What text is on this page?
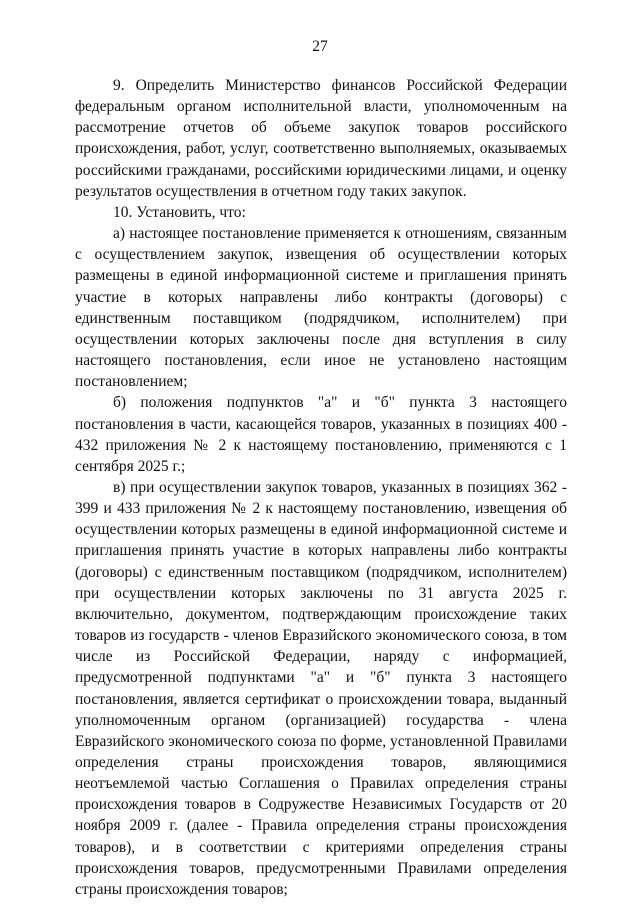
27

9. Определить Министерство финансов Российской Федерации федеральным органом исполнительной власти, уполномоченным на рассмотрение отчетов об объеме закупок товаров российского происхождения, работ, услуг, соответственно выполняемых, оказываемых российскими гражданами, российскими юридическими лицами, и оценку результатов осуществления в отчетном году таких закупок.

10. Установить, что:

а) настоящее постановление применяется к отношениям, связанным с осуществлением закупок, извещения об осуществлении которых размещены в единой информационной системе и приглашения принять участие в которых направлены либо контракты (договоры) с единственным поставщиком (подрядчиком, исполнителем) при осуществлении которых заключены после дня вступления в силу настоящего постановления, если иное не установлено настоящим постановлением;

б) положения подпунктов "а" и "б" пункта 3 настоящего постановления в части, касающейся товаров, указанных в позициях 400 - 432 приложения № 2 к настоящему постановлению, применяются с 1 сентября 2025 г.;

в) при осуществлении закупок товаров, указанных в позициях 362 - 399 и 433 приложения № 2 к настоящему постановлению, извещения об осуществлении которых размещены в единой информационной системе и приглашения принять участие в которых направлены либо контракты (договоры) с единственным поставщиком (подрядчиком, исполнителем) при осуществлении которых заключены по 31 августа 2025 г. включительно, документом, подтверждающим происхождение таких товаров из государств - членов Евразийского экономического союза, в том числе из Российской Федерации, наряду с информацией, предусмотренной подпунктами "а" и "б" пункта 3 настоящего постановления, является сертификат о происхождении товара, выданный уполномоченным органом (организацией) государства - члена Евразийского экономического союза по форме, установленной Правилами определения страны происхождения товаров, являющимися неотъемлемой частью Соглашения о Правилах определения страны происхождения товаров в Содружестве Независимых Государств от 20 ноября 2009 г. (далее - Правила определения страны происхождения товаров), и в соответствии с критериями определения страны происхождения товаров, предусмотренными Правилами определения страны происхождения товаров;
